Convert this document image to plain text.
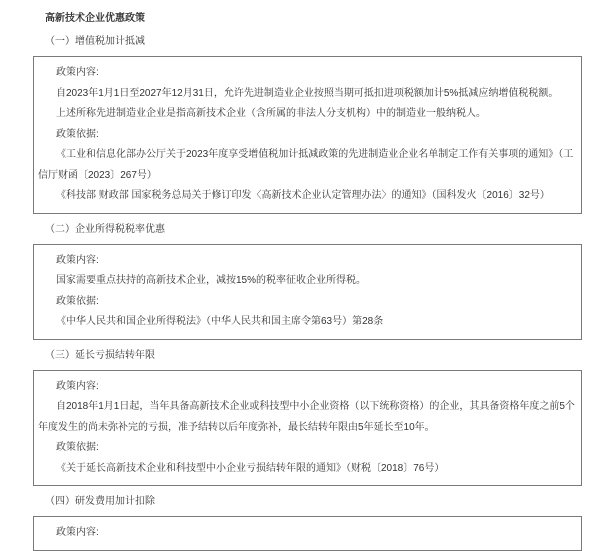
高新技术企业优惠政策
（一）增值税加计抵减

政策内容:

自2023年1月1日至2027年12月31日，允许先进制造业企业按照当期可抵扣进项税额加计5%抵减应纳增值税税额。

上述所称先进制造业企业是指高新技术企业（含所属的非法人分支机构）中的制造业一般纳税人。

政策依据:

《工业和信息化部办公厅关于2023年度享受增值税加计抵减政策的先进制造业企业名单制定工作有关事项的通知》（工信厅财函〔2023〕267号）

《科技部 财政部 国家税务总局关于修订印发〈高新技术企业认定管理办法〉的通知》（国科发火〔2016〕32号）

（二）企业所得税税率优惠

政策内容:

国家需要重点扶持的高新技术企业，减按15%的税率征收企业所得税。

政策依据:

《中华人民共和国企业所得税法》（中华人民共和国主席令第63号）第28条

（三）延长亏损结转年限

政策内容:

自2018年1月1日起，当年具备高新技术企业或科技型中小企业资格（以下统称资格）的企业，其具备资格年度之前5个年度发生的尚未弥补完的亏损，准予结转以后年度弥补，最长结转年限由5年延长至10年。

政策依据:

《关于延长高新技术企业和科技型中小企业亏损结转年限的通知》（财税〔2018〕76号）

（四）研发费用加计扣除

政策内容:
